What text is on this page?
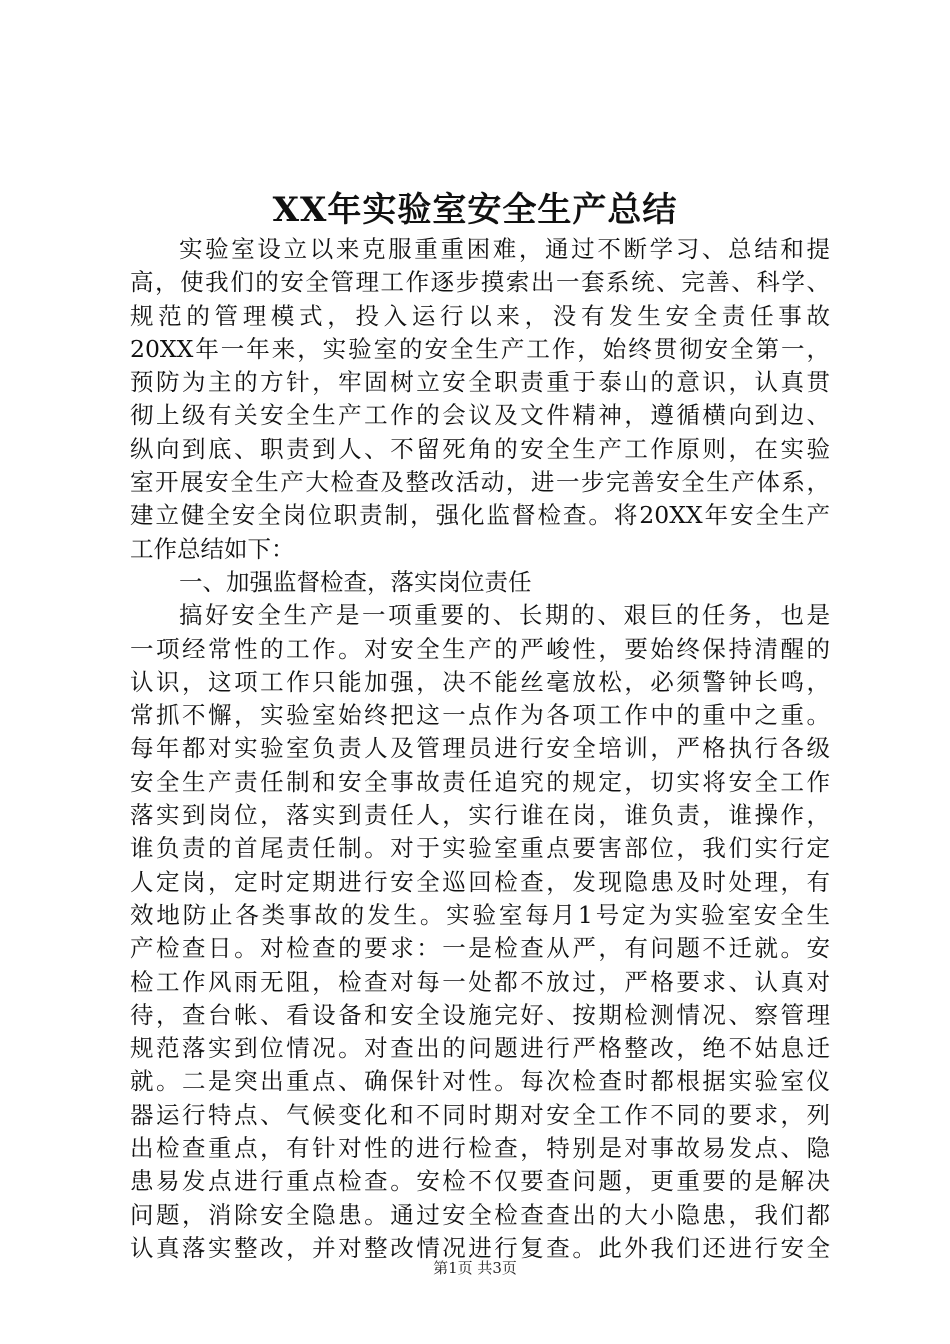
XX年实验室安全生产总结
实验室设立以来克服重重困难，通过不断学习、总结和提
高，使我们的安全管理工作逐步摸索出一套系统、完善、科学、
规范的管理模式，投入运行以来，没有发生安全责任事故
20XX年一年来，实验室的安全生产工作，始终贯彻安全第一，
预防为主的方针，牢固树立安全职责重于泰山的意识，认真贯
彻上级有关安全生产工作的会议及文件精神，遵循横向到边、
纵向到底、职责到人、不留死角的安全生产工作原则，在实验
室开展安全生产大检查及整改活动，进一步完善安全生产体系，
建立健全安全岗位职责制，强化监督检查。将20XX年安全生产
工作总结如下：
一、加强监督检查，落实岗位责任
搞好安全生产是一项重要的、长期的、艰巨的任务，也是
一项经常性的工作。对安全生产的严峻性，要始终保持清醒的
认识，这项工作只能加强，决不能丝毫放松，必须警钟长鸣，
常抓不懈，实验室始终把这一点作为各项工作中的重中之重。
每年都对实验室负责人及管理员进行安全培训，严格执行各级
安全生产责任制和安全事故责任追究的规定，切实将安全工作
落实到岗位，落实到责任人，实行谁在岗，谁负责，谁操作，
谁负责的首尾责任制。对于实验室重点要害部位，我们实行定
人定岗，定时定期进行安全巡回检查，发现隐患及时处理，有
效地防止各类事故的发生。实验室每月1号定为实验室安全生
产检查日。对检查的要求：一是检查从严，有问题不迁就。安
检工作风雨无阻，检查对每一处都不放过，严格要求、认真对
待，查台帐、看设备和安全设施完好、按期检测情况、察管理
规范落实到位情况。对查出的问题进行严格整改，绝不姑息迁
就。二是突出重点、确保针对性。每次检查时都根据实验室仪
器运行特点、气候变化和不同时期对安全工作不同的要求，列
出检查重点，有针对性的进行检查，特别是对事故易发点、隐
患易发点进行重点检查。安检不仅要查问题，更重要的是解决
问题，消除安全隐患。通过安全检查查出的大小隐患，我们都
认真落实整改，并对整改情况进行复查。此外我们还进行安全
第1页 共3页
